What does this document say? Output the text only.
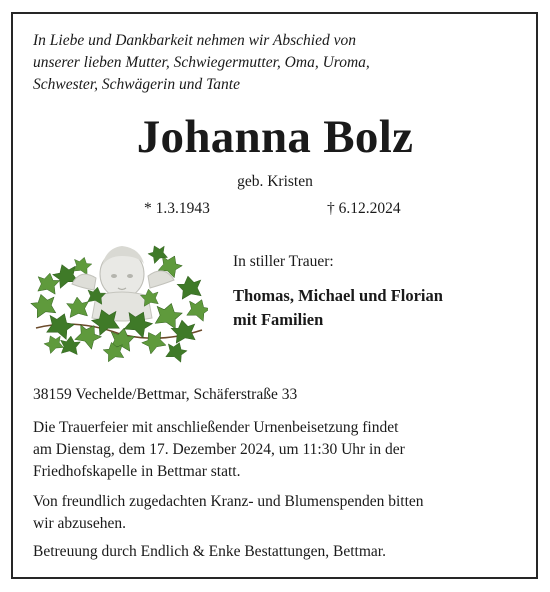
In Liebe und Dankbarkeit nehmen wir Abschied von
unserer lieben Mutter, Schwiegermutter, Oma, Uroma,
Schwester, Schwägerin und Tante
Johanna Bolz
geb. Kristen
* 1.3.1943	† 6.12.2024
In stiller Trauer:
Thomas, Michael und Florian
mit Familien
38159 Vechelde/Bettmar, Schäferstraße 33
Die Trauerfeier mit anschließender Urnenbeisetzung findet
am Dienstag, dem 17. Dezember 2024, um 11:30 Uhr in der
Friedhofskapelle in Bettmar statt.
Von freundlich zugedachten Kranz- und Blumenspenden bitten
wir abzusehen.
Betreuung durch Endlich & Enke Bestattungen, Bettmar.
